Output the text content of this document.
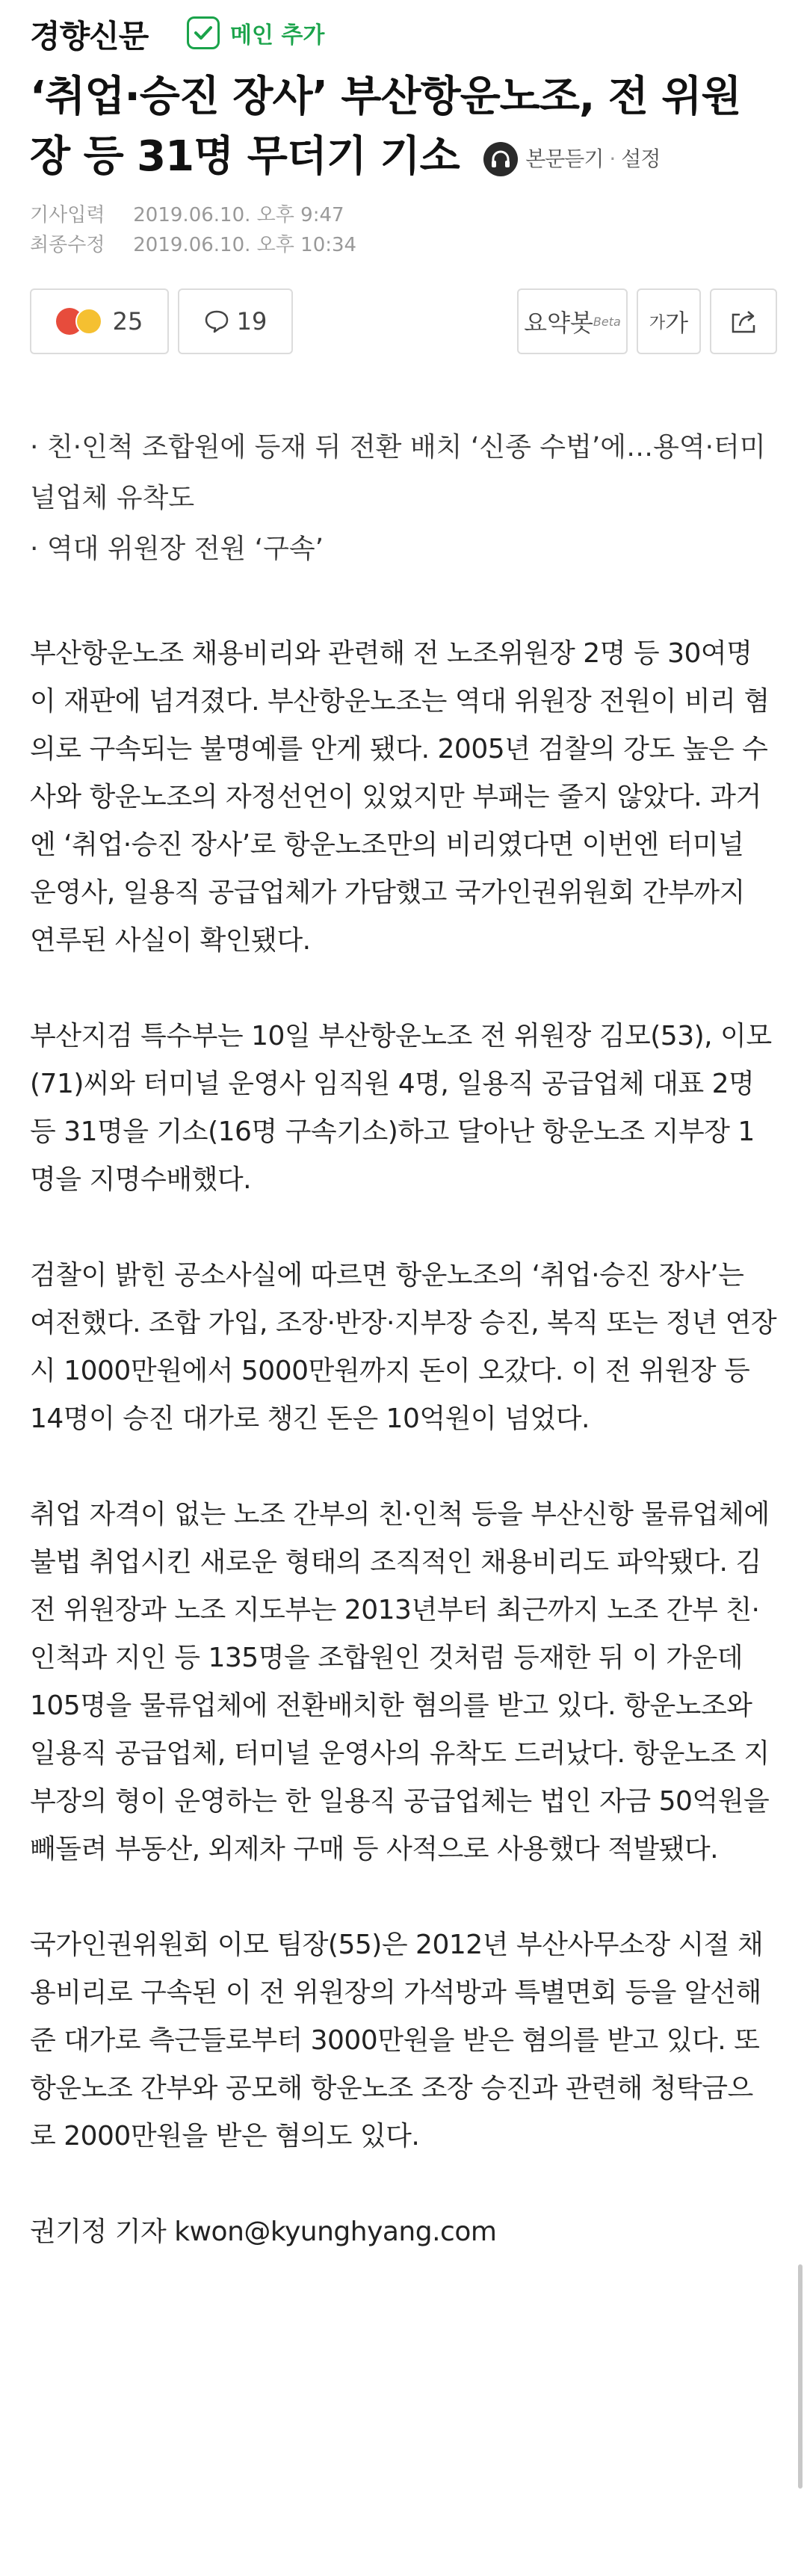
경향신문	메인 추가
‘취업·승진 장사’ 부산항운노조, 전 위원장 등 31명 무더기 기소	본문듣기 · 설정
기사입력 2019.06.10. 오후 9:47
최종수정 2019.06.10. 오후 10:34
25	19	요약봇 Beta 가 가
· 친·인척 조합원에 등재 뒤 전환 배치 ‘신종 수법’에…용역·터미널업체 유착도
· 역대 위원장 전원 ‘구속’

부산항운노조 채용비리와 관련해 전 노조위원장 2명 등 30여명이 재판에 넘겨졌다. 부산항운노조는 역대 위원장 전원이 비리 혐의로 구속되는 불명예를 안게 됐다. 2005년 검찰의 강도 높은 수사와 항운노조의 자정선언이 있었지만 부패는 줄지 않았다. 과거엔 ‘취업·승진 장사’로 항운노조만의 비리였다면 이번엔 터미널 운영사, 일용직 공급업체가 가담했고 국가인권위원회 간부까지 연루된 사실이 확인됐다.

부산지검 특수부는 10일 부산항운노조 전 위원장 김모(53), 이모(71)씨와 터미널 운영사 임직원 4명, 일용직 공급업체 대표 2명 등 31명을 기소(16명 구속기소)하고 달아난 항운노조 지부장 1명을 지명수배했다.

검찰이 밝힌 공소사실에 따르면 항운노조의 ‘취업·승진 장사’는 여전했다. 조합 가입, 조장·반장·지부장 승진, 복직 또는 정년 연장 시 1000만원에서 5000만원까지 돈이 오갔다. 이 전 위원장 등 14명이 승진 대가로 챙긴 돈은 10억원이 넘었다.

취업 자격이 없는 노조 간부의 친·인척 등을 부산신항 물류업체에 불법 취업시킨 새로운 형태의 조직적인 채용비리도 파악됐다. 김 전 위원장과 노조 지도부는 2013년부터 최근까지 노조 간부 친·인척과 지인 등 135명을 조합원인 것처럼 등재한 뒤 이 가운데 105명을 물류업체에 전환배치한 혐의를 받고 있다. 항운노조와 일용직 공급업체, 터미널 운영사의 유착도 드러났다. 항운노조 지부장의 형이 운영하는 한 일용직 공급업체는 법인 자금 50억원을 빼돌려 부동산, 외제차 구매 등 사적으로 사용했다 적발됐다.

국가인권위원회 이모 팀장(55)은 2012년 부산사무소장 시절 채용비리로 구속된 이 전 위원장의 가석방과 특별면회 등을 알선해 준 대가로 측근들로부터 3000만원을 받은 혐의를 받고 있다. 또 항운노조 간부와 공모해 항운노조 조장 승진과 관련해 청탁금으로 2000만원을 받은 혐의도 있다.

권기정 기자 kwon@kyunghyang.com
